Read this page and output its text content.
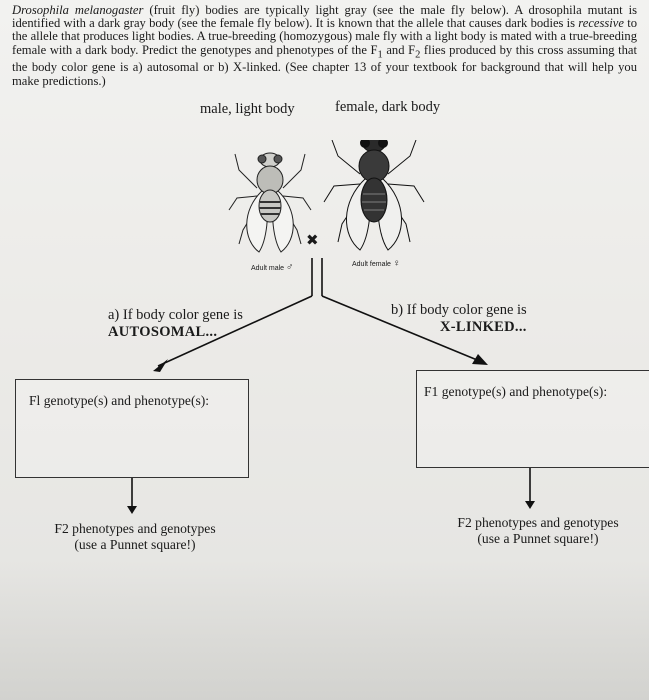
Drosophila melanogaster (fruit fly) bodies are typically light gray (see the male fly below). A drosophila mutant is identified with a dark gray body (see the female fly below). It is known that the allele that causes dark bodies is recessive to the allele that produces light bodies. A true-breeding (homozygous) male fly with a light body is mated with a true-breeding female with a dark body. Predict the genotypes and phenotypes of the $F_1$ and $F_2$ flies produced by this cross assuming that the body color gene is a) autosomal or b) X-linked. (See chapter 13 of your textbook for background that will help you make predictions.)
male, light body	female, dark body
Adult male ♂	Adult female ♀
✖
a) If body color gene is
AUTOSOMAL...
b) If body color gene is
X-LINKED...
Fl genotype(s) and phenotype(s):
F1 genotype(s) and phenotype(s):
F2 phenotypes and genotypes
(use a Punnet square!)
F2 phenotypes and genotypes
(use a Punnet square!)
